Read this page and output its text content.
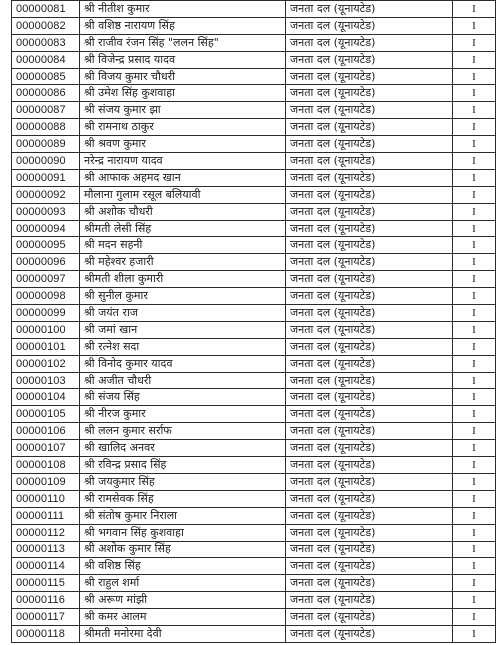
00000081	श्री नीतीश कुमार	जनता दल (यूनायटेड)	I
00000082	श्री वशिष्ठ नारायण सिंह	जनता दल (यूनायटेड)	I
00000083	श्री राजीव रंजन सिंह "ललन सिंह"	जनता दल (यूनायटेड)	I
00000084	श्री विजेन्द्र प्रसाद यादव	जनता दल (यूनायटेड)	I
00000085	श्री विजय कुमार चौधरी	जनता दल (यूनायटेड)	I
00000086	श्री उमेश सिंह कुशवाहा	जनता दल (यूनायटेड)	I
00000087	श्री संजय कुमार झा	जनता दल (यूनायटेड)	I
00000088	श्री रामनाथ ठाकुर	जनता दल (यूनायटेड)	I
00000089	श्री श्रवण कुमार	जनता दल (यूनायटेड)	I
00000090	नरेन्द्र नारायण यादव	जनता दल (यूनायटेड)	I
00000091	श्री आफाक अहमद खान	जनता दल (यूनायटेड)	I
00000092	मौलाना गुलाम रसूल बलियावी	जनता दल (यूनायटेड)	I
00000093	श्री अशोक चौधरी	जनता दल (यूनायटेड)	I
00000094	श्रीमती लेसी सिंह	जनता दल (यूनायटेड)	I
00000095	श्री मदन सहनी	जनता दल (यूनायटेड)	I
00000096	श्री महेश्वर हजारी	जनता दल (यूनायटेड)	I
00000097	श्रीमती शीला कुमारी	जनता दल (यूनायटेड)	I
00000098	श्री सुनील कुमार	जनता दल (यूनायटेड)	I
00000099	श्री जयंत राज	जनता दल (यूनायटेड)	I
00000100	श्री जमां खान	जनता दल (यूनायटेड)	I
00000101	श्री रत्नेश सदा	जनता दल (यूनायटेड)	I
00000102	श्री विनोद कुमार यादव	जनता दल (यूनायटेड)	I
00000103	श्री अजीत चौधरी	जनता दल (यूनायटेड)	I
00000104	श्री संजय सिंह	जनता दल (यूनायटेड)	I
00000105	श्री नीरज कुमार	जनता दल (यूनायटेड)	I
00000106	श्री ललन कुमार सर्राफ	जनता दल (यूनायटेड)	I
00000107	श्री खालिद अनवर	जनता दल (यूनायटेड)	I
00000108	श्री रविन्द्र प्रसाद सिंह	जनता दल (यूनायटेड)	I
00000109	श्री जयकुमार सिंह	जनता दल (यूनायटेड)	I
00000110	श्री रामसेवक सिंह	जनता दल (यूनायटेड)	I
00000111	श्री संतोष कुमार निराला	जनता दल (यूनायटेड)	I
00000112	श्री भगवान सिंह कुशवाहा	जनता दल (यूनायटेड)	I
00000113	श्री अशोक कुमार सिंह	जनता दल (यूनायटेड)	I
00000114	श्री वशिष्ठ सिंह	जनता दल (यूनायटेड)	I
00000115	श्री राहुल शर्मा	जनता दल (यूनायटेड)	I
00000116	श्री अरूण मांझी	जनता दल (यूनायटेड)	I
00000117	श्री कमर आलम	जनता दल (यूनायटेड)	I
00000118	श्रीमती मनोरमा देवी	जनता दल (यूनायटेड)	I
